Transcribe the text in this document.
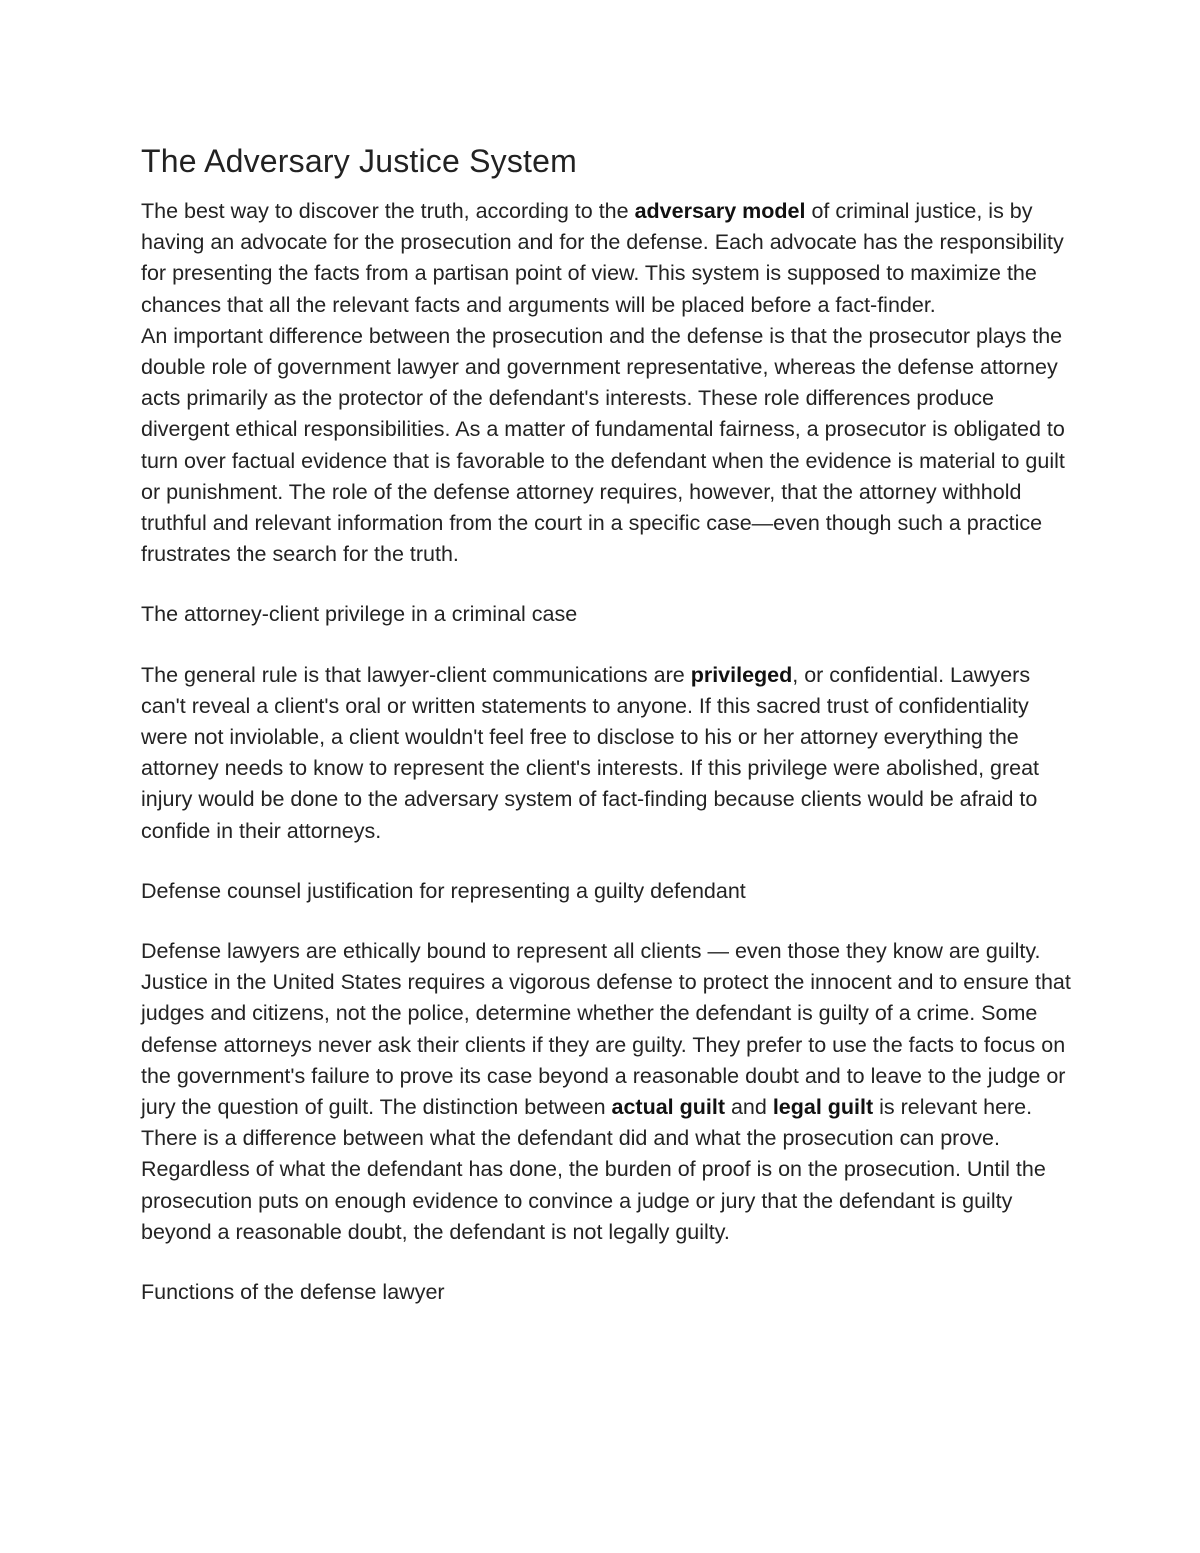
The Adversary Justice System

The best way to discover the truth, according to the adversary model of criminal justice, is by having an advocate for the prosecution and for the defense. Each advocate has the responsibility for presenting the facts from a partisan point of view. This system is supposed to maximize the chances that all the relevant facts and arguments will be placed before a fact-finder.

An important difference between the prosecution and the defense is that the prosecutor plays the double role of government lawyer and government representative, whereas the defense attorney acts primarily as the protector of the defendant's interests. These role differences produce divergent ethical responsibilities. As a matter of fundamental fairness, a prosecutor is obligated to turn over factual evidence that is favorable to the defendant when the evidence is material to guilt or punishment. The role of the defense attorney requires, however, that the attorney withhold truthful and relevant information from the court in a specific case—even though such a practice frustrates the search for the truth.

The attorney-client privilege in a criminal case

The general rule is that lawyer-client communications are privileged, or confidential. Lawyers can't reveal a client's oral or written statements to anyone. If this sacred trust of confidentiality were not inviolable, a client wouldn't feel free to disclose to his or her attorney everything the attorney needs to know to represent the client's interests. If this privilege were abolished, great injury would be done to the adversary system of fact-finding because clients would be afraid to confide in their attorneys.

Defense counsel justification for representing a guilty defendant

Defense lawyers are ethically bound to represent all clients — even those they know are guilty. Justice in the United States requires a vigorous defense to protect the innocent and to ensure that judges and citizens, not the police, determine whether the defendant is guilty of a crime. Some defense attorneys never ask their clients if they are guilty. They prefer to use the facts to focus on the government's failure to prove its case beyond a reasonable doubt and to leave to the judge or jury the question of guilt. The distinction between actual guilt and legal guilt is relevant here. There is a difference between what the defendant did and what the prosecution can prove. Regardless of what the defendant has done, the burden of proof is on the prosecution. Until the prosecution puts on enough evidence to convince a judge or jury that the defendant is guilty beyond a reasonable doubt, the defendant is not legally guilty.

Functions of the defense lawyer
